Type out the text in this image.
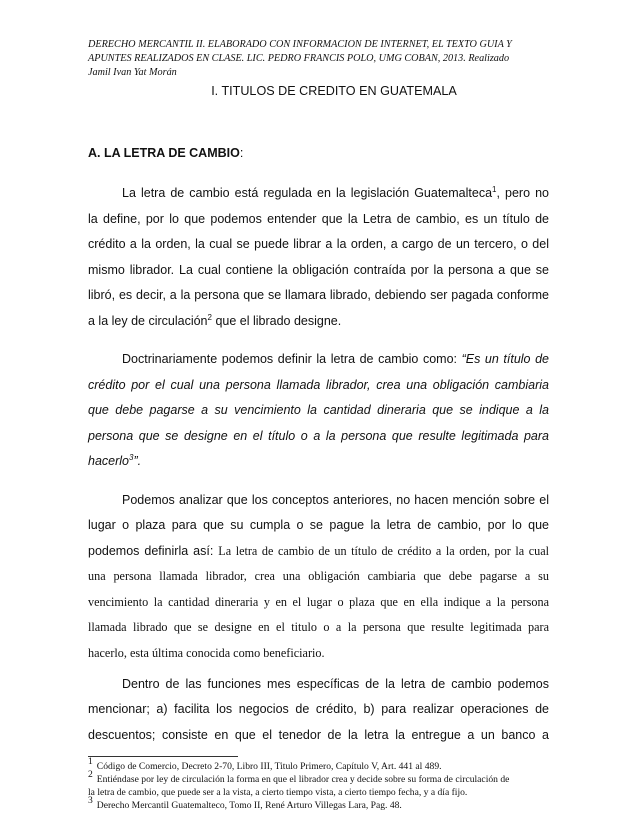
DERECHO MERCANTIL II. ELABORADO CON INFORMACION DE INTERNET, EL TEXTO GUIA Y
APUNTES REALIZADOS EN CLASE. LIC. PEDRO FRANCIS POLO, UMG COBAN, 2013. Realizado
Jamil Ivan Yat Morán
I. TITULOS DE CREDITO EN GUATEMALA
A. LA LETRA DE CAMBIO:
La letra de cambio está regulada en la legislación Guatemalteca$^1$, pero no
la define, por lo que podemos entender que la Letra de cambio, es un título de
crédito a la orden, la cual se puede librar a la orden, a cargo de un tercero, o del
mismo librador. La cual contiene la obligación contraída por la persona a que se
libró, es decir, a la persona que se llamara librado, debiendo ser pagada conforme
a la ley de circulación$^2$ que el librado designe.
Doctrinariamente podemos definir la letra de cambio como: “Es un título de
crédito por el cual una persona llamada librador, crea una obligación cambiaria
que debe pagarse a su vencimiento la cantidad dineraria que se indique a la
persona que se designe en el título o a la persona que resulte legitimada para
hacerlo$^3$”.
Podemos analizar que los conceptos anteriores, no hacen mención sobre el
lugar o plaza para que su cumpla o se pague la letra de cambio, por lo que
podemos definirla así: La letra de cambio de un título de crédito a la orden, por la cual
una persona llamada librador, crea una obligación cambiaria que debe pagarse a su
vencimiento la cantidad dineraria y en el lugar o plaza que en ella indique a la persona
llamada librado que se designe en el titulo o a la persona que resulte legitimada para
hacerlo, esta última conocida como beneficiario.
Dentro de las funciones mes específicas de la letra de cambio podemos
mencionar; a) facilita los negocios de crédito, b) para realizar operaciones de
descuentos; consiste en que el tenedor de la letra la entregue a un banco a
$^1$ Código de Comercio, Decreto 2-70, Libro III, Titulo Primero, Capítulo V, Art. 441 al 489.
$^2$ Entiéndase por ley de circulación la forma en que el librador crea y decide sobre su forma de circulación de
la letra de cambio, que puede ser a la vista, a cierto tiempo vista, a cierto tiempo fecha, y a día fijo.
$^3$ Derecho Mercantil Guatemalteco, Tomo II, René Arturo Villegas Lara, Pag. 48.
